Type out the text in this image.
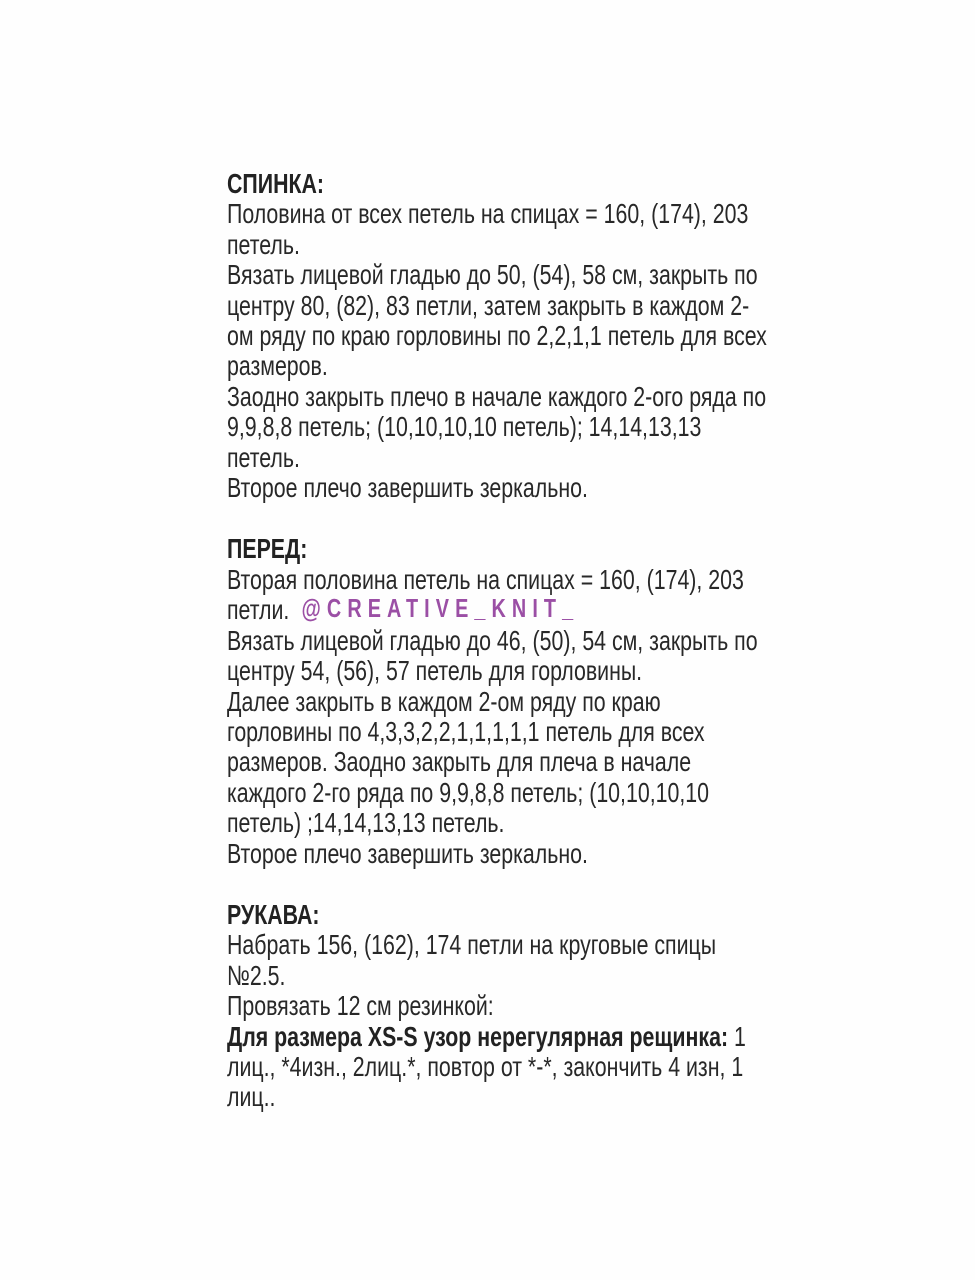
СПИНКА:

Половина от всех петель на спицах = 160, (174), 203 петель.

Вязать лицевой гладью до 50, (54), 58 см, закрыть по центру 80, (82), 83 петли, затем закрыть в каждом 2-ом ряду по краю горловины по 2,2,1,1 петель для всех размеров.

Заодно закрыть плечо в начале каждого 2-ого ряда по 9,9,8,8 петель; (10,10,10,10 петель); 14,14,13,13 петель.

Второе плечо завершить зеркально.

ПЕРЕД:

Вторая половина петель на спицах = 160, (174), 203 петли. @CREATIVE_KNIT_

Вязать лицевой гладью до 46, (50), 54 см, закрыть по центру 54, (56), 57 петель для горловины.

Далее закрыть в каждом 2-ом ряду по краю горловины по 4,3,3,2,2,1,1,1,1,1 петель для всех размеров. Заодно закрыть для плеча в начале каждого 2-го ряда по 9,9,8,8 петель; (10,10,10,10 петель) ;14,14,13,13 петель.

Второе плечо завершить зеркально.

РУКАВА:

Набрать 156, (162), 174 петли на круговые спицы №2.5.

Провязать 12 см резинкой:

Для размера XS-S узор нерегулярная рещинка: 1 лиц., *4изн., 2лиц.*, повтор от *-*, закончить 4 изн, 1 лиц..
